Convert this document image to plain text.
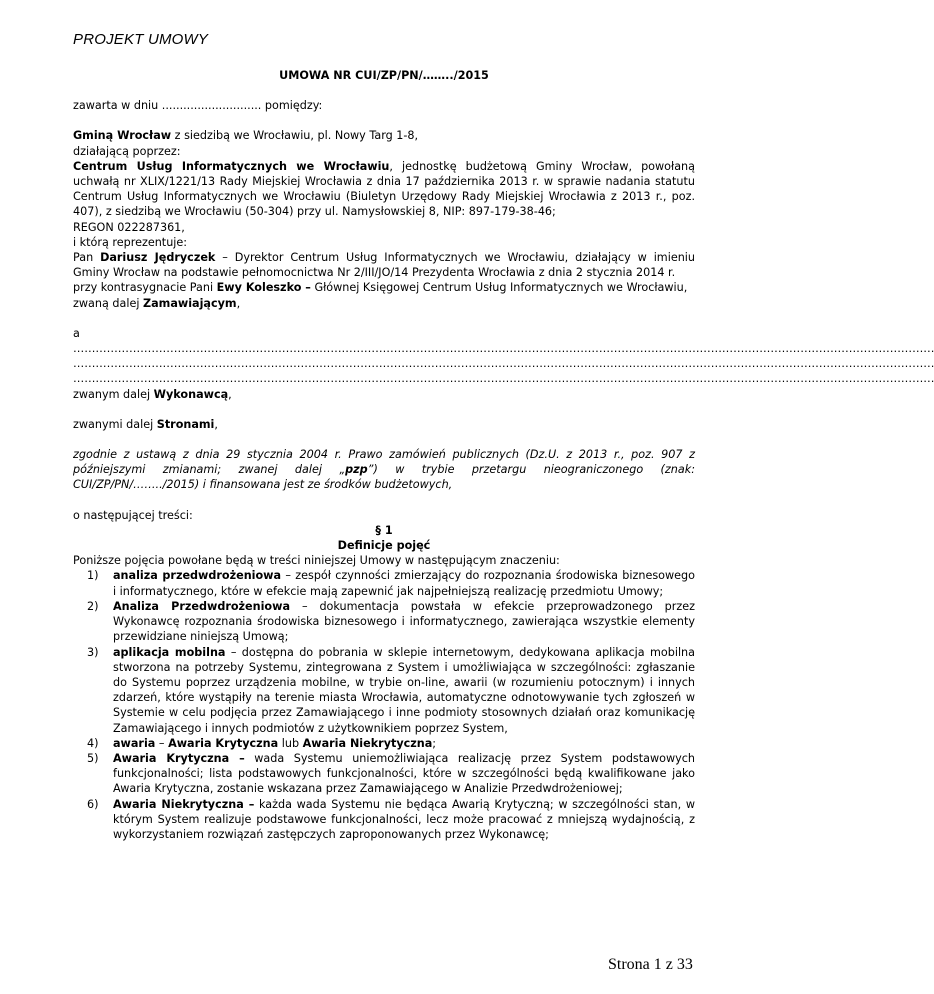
PROJEKT UMOWY
UMOWA NR CUI/ZP/PN/……../2015

zawarta w dniu ............................ pomiędzy:

Gminą Wrocław z siedzibą we Wrocławiu, pl. Nowy Targ 1-8,

działającą poprzez:

Centrum Usług Informatycznych we Wrocławiu, jednostkę budżetową Gminy Wrocław, powołaną uchwałą nr XLIX/1221/13 Rady Miejskiej Wrocławia z dnia 17 października 2013 r. w sprawie nadania statutu Centrum Usług Informatycznych we Wrocławiu (Biuletyn Urzędowy Rady Miejskiej Wrocławia z 2013 r., poz. 407), z siedzibą we Wrocławiu (50-304) przy ul. Namysłowskiej 8, NIP: 897-179-38-46;

REGON 022287361,

i którą reprezentuje:

Pan Dariusz Jędryczek – Dyrektor Centrum Usług Informatycznych we Wrocławiu, działający w imieniu Gminy Wrocław na podstawie pełnomocnictwa Nr 2/III/JO/14 Prezydenta Wrocławia z dnia 2 stycznia 2014 r.

przy kontrasygnacie Pani Ewy Koleszko – Głównej Księgowej Centrum Usług Informatycznych we Wrocławiu,

zwaną dalej Zamawiającym,

a

……………………………………………………………………………………………………………………………………………………………………………………………………………

……………………………………………………………………………………………………………………………………………………………………………………………………………

……………………………………………………………………………………………………………………………………………………………………………………………………………

zwanym dalej Wykonawcą,

zwanymi dalej Stronami,

zgodnie z ustawą z dnia 29 stycznia 2004 r. Prawo zamówień publicznych (Dz.U. z 2013 r., poz. 907 z późniejszymi zmianami; zwanej dalej „pzp”) w trybie przetargu nieograniczonego (znak: CUI/ZP/PN/……../2015) i finansowana jest ze środków budżetowych,

o następującej treści:

§ 1
Definicje pojęć

Poniższe pojęcia powołane będą w treści niniejszej Umowy w następującym znaczeniu:

1) analiza przedwdrożeniowa – zespół czynności zmierzający do rozpoznania środowiska biznesowego i informatycznego, które w efekcie mają zapewnić jak najpełniejszą realizację przedmiotu Umowy;
2) Analiza Przedwdrożeniowa – dokumentacja powstała w efekcie przeprowadzonego przez Wykonawcę rozpoznania środowiska biznesowego i informatycznego, zawierająca wszystkie elementy przewidziane niniejszą Umową;
3) aplikacja mobilna – dostępna do pobrania w sklepie internetowym, dedykowana aplikacja mobilna stworzona na potrzeby Systemu, zintegrowana z System i umożliwiająca w szczególności: zgłaszanie do Systemu poprzez urządzenia mobilne, w trybie on-line, awarii (w rozumieniu potocznym) i innych zdarzeń, które wystąpiły na terenie miasta Wrocławia, automatyczne odnotowywanie tych zgłoszeń w Systemie w celu podjęcia przez Zamawiającego i inne podmioty stosownych działań oraz komunikację Zamawiającego i innych podmiotów z użytkownikiem poprzez System,
4) awaria – Awaria Krytyczna lub Awaria Niekrytyczna;
5) Awaria Krytyczna – wada Systemu uniemożliwiająca realizację przez System podstawowych funkcjonalności; lista podstawowych funkcjonalności, które w szczególności będą kwalifikowane jako Awaria Krytyczna, zostanie wskazana przez Zamawiającego w Analizie Przedwdrożeniowej;
6) Awaria Niekrytyczna – każda wada Systemu nie będąca Awarią Krytyczną; w szczególności stan, w którym System realizuje podstawowe funkcjonalności, lecz może pracować z mniejszą wydajnością, z wykorzystaniem rozwiązań zastępczych zaproponowanych przez Wykonawcę;
Strona 1 z 33
